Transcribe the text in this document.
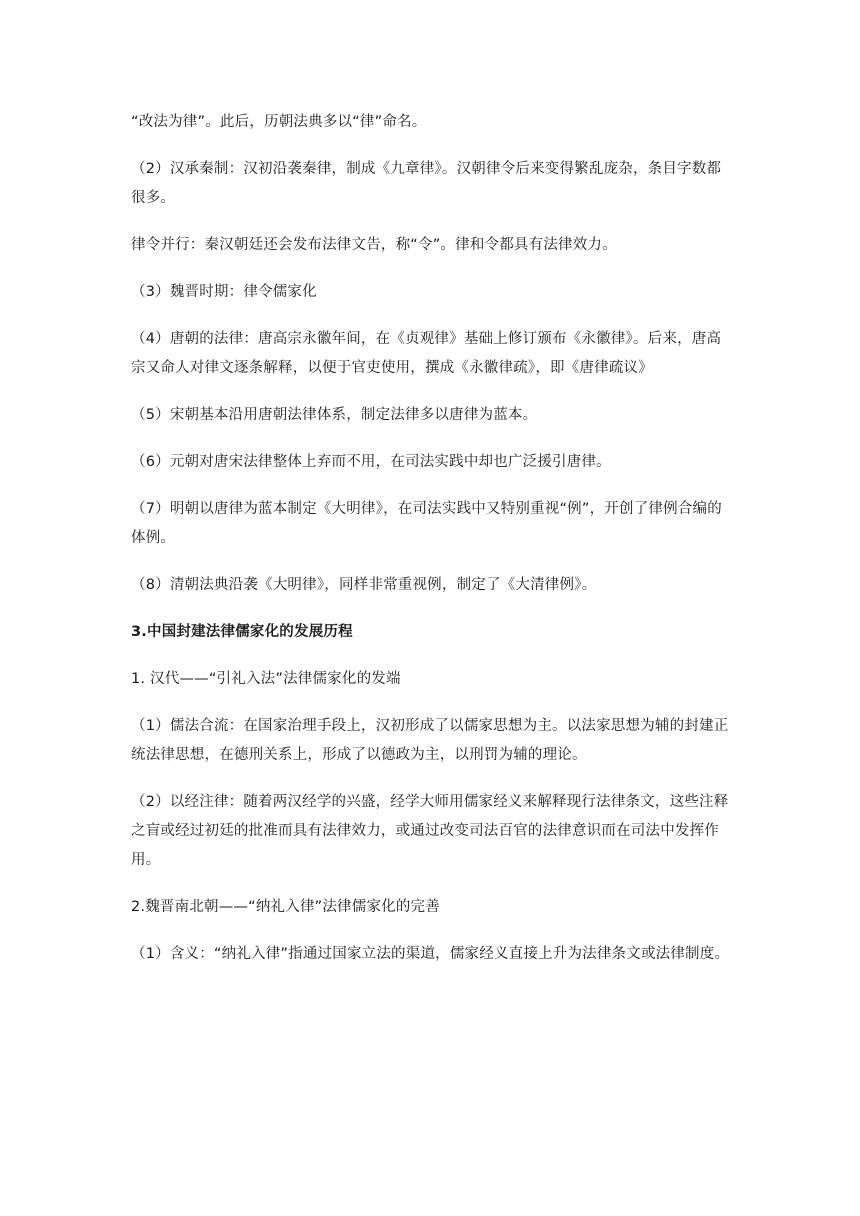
“改法为律”。此后，历朝法典多以“律”命名。

（2）汉承秦制：汉初沿袭秦律，制成《九章律》。汉朝律令后来变得繁乱庞杂，条目字数都很多。

律令并行：秦汉朝廷还会发布法律文告，称“令”。律和令都具有法律效力。

（3）魏晋时期：律令儒家化

（4）唐朝的法律：唐高宗永徽年间，在《贞观律》基础上修订颁布《永徽律》。后来，唐高宗又命人对律文逐条解释，以便于官吏使用，撰成《永徽律疏》，即《唐律疏议》

（5）宋朝基本沿用唐朝法律体系，制定法律多以唐律为蓝本。

（6）元朝对唐宋法律整体上弃而不用，在司法实践中却也广泛援引唐律。

（7）明朝以唐律为蓝本制定《大明律》，在司法实践中又特别重视“例”，开创了律例合编的体例。

（8）清朝法典沿袭《大明律》，同样非常重视例，制定了《大清律例》。

3.中国封建法律儒家化的发展历程

1. 汉代——“引礼入法”法律儒家化的发端

（1）儒法合流：在国家治理手段上，汉初形成了以儒家思想为主。以法家思想为辅的封建正统法律思想，在德刑关系上，形成了以德政为主，以刑罚为辅的理论。

（2）以经注律：随着两汉经学的兴盛，经学大师用儒家经义来解释现行法律条文，这些注释之盲或经过初廷的批准而具有法律效力，或通过改变司法百官的法律意识而在司法中发挥作用。

2.魏晋南北朝——“纳礼入律”法律儒家化的完善

（1）含义：“纳礼入律”指通过国家立法的渠道，儒家经义直接上升为法律条文或法律制度。
